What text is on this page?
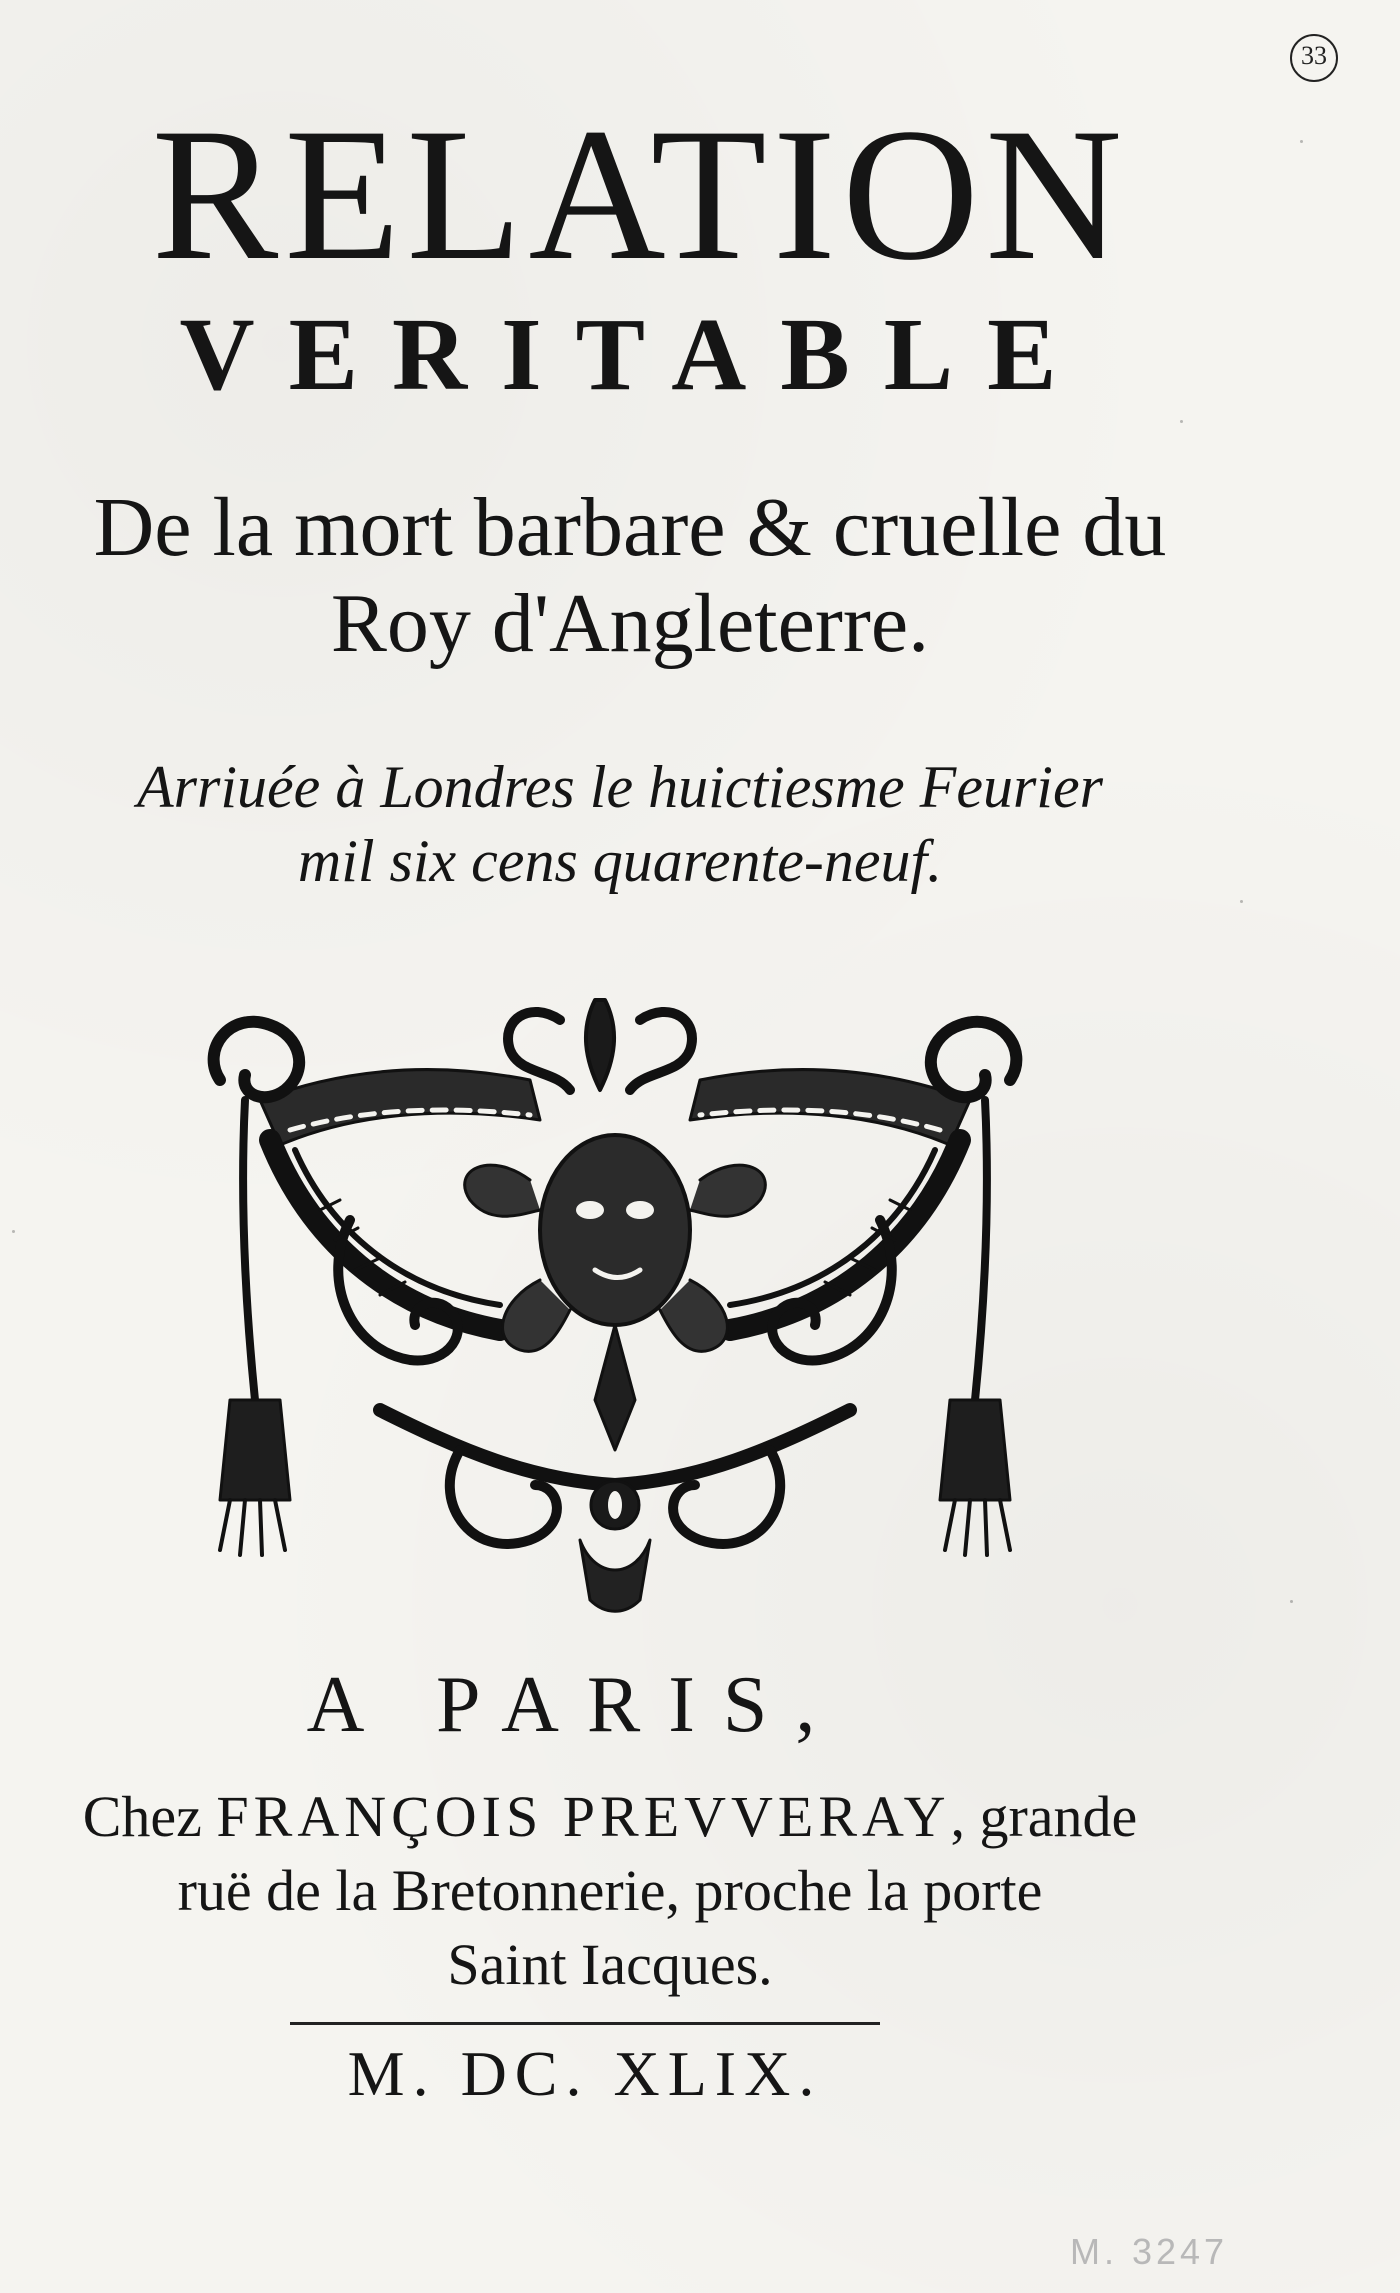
33
RELATION
VERITABLE
De la mort barbare & cruelle du
Roy d'Angleterre.
Arriuée à Londres le huictiesme Feurier
mil six cens quarente-neuf.
A PARIS,
Chez FRANÇOIS PREVVERAY, grande
ruë de la Bretonnerie, proche la porte
Saint Iacques.
M. DC. XLIX.
M. 3247
